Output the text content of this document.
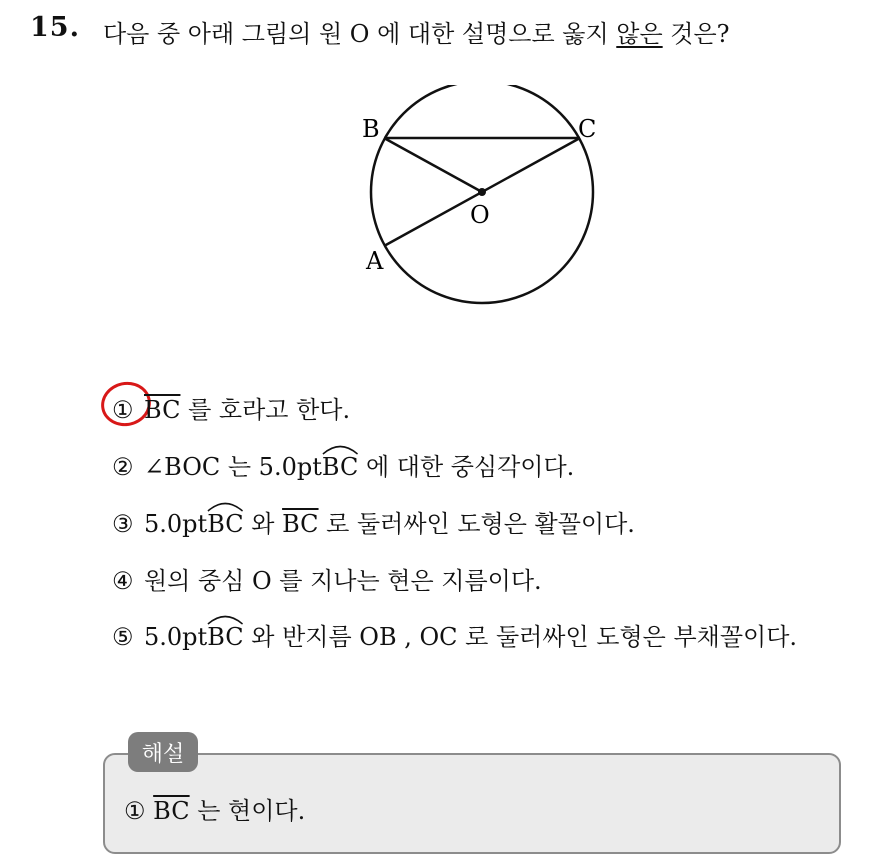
15. 다음 중 아래 그림의 원 O 에 대한 설명으로 옳지 않은 것은?
B	C
O
A
① $\overline{BC}$ 를 호라고 한다.
② ∠BOC 는 5.0pt
BC 에 대한 중심각이다.
③ 5.0pt
BC 와 $\overline{BC}$ 로 둘러싸인 도형은 활꼴이다.
④ 원의 중심 O 를 지나는 현은 지름이다.
⑤ 5.0pt
BC 와 반지름 OB , OC 로 둘러싸인 도형은 부채꼴이다.
해설
① $\overline{BC}$ 는 현이다.
